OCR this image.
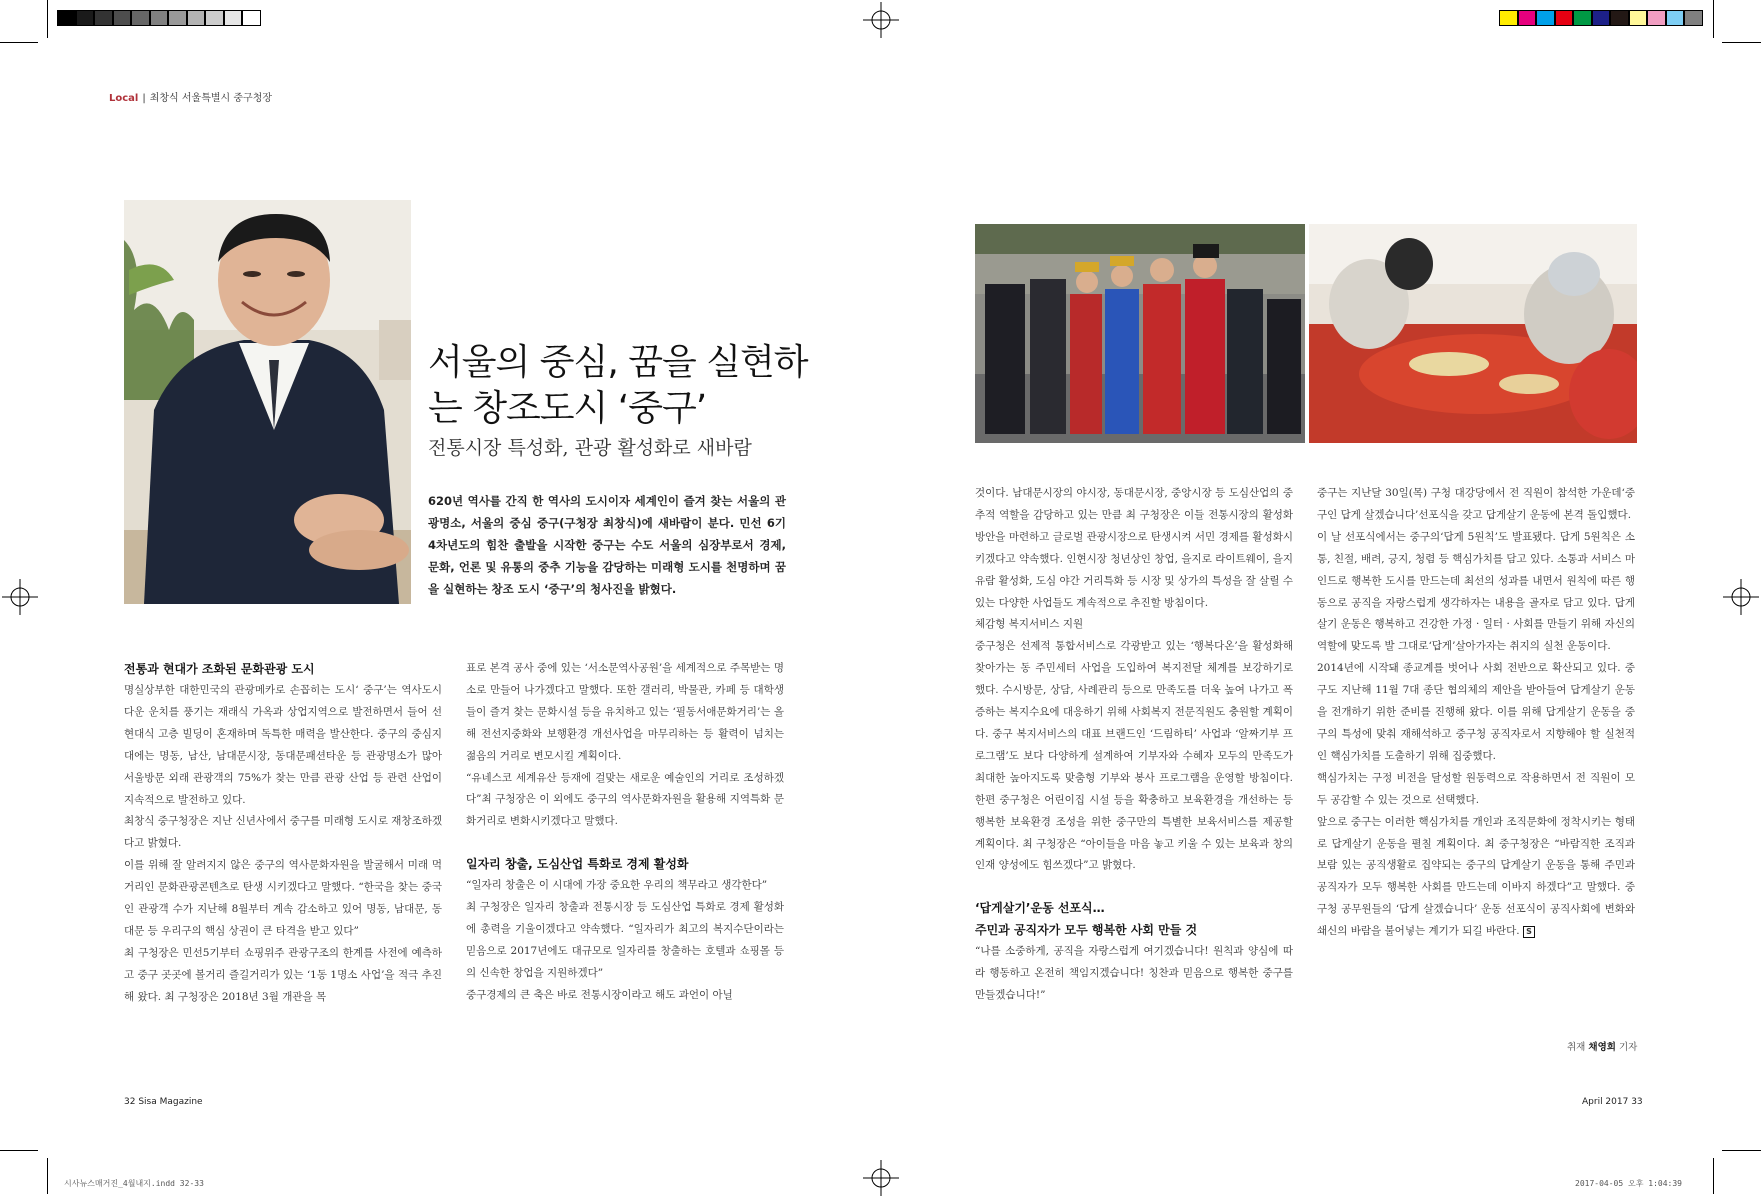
Local | 최창식 서울특별시 중구청장
서울의 중심, 꿈을 실현하는 창조도시 ‘중구’
전통시장 특성화, 관광 활성화로 새바람
620년 역사를 간직 한 역사의 도시이자 세계인이 즐겨 찾는 서울의 관광명소, 서울의 중심 중구(구청장 최창식)에 새바람이 분다. 민선 6기 4차년도의 힘찬 출발을 시작한 중구는 수도 서울의 심장부로서 경제, 문화, 언론 및 유통의 중추 기능을 감당하는 미래형 도시를 천명하며 꿈을 실현하는 창조 도시 ‘중구’의 청사진을 밝혔다.
전통과 현대가 조화된 문화관광 도시

명실상부한 대한민국의 관광메카로 손꼽히는 도시‘ 중구’는 역사도시다운 운치를 풍기는 재래식 가옥과 상업지역으로 발전하면서 들어 선 현대식 고층 빌딩이 혼재하며 독특한 매력을 발산한다. 중구의 중심지대에는 명동, 남산, 남대문시장, 동대문패션타운 등 관광명소가 많아 서울방문 외래 관광객의 75%가 찾는 만큼 관광 산업 등 관련 산업이 지속적으로 발전하고 있다.

최창식 중구청장은 지난 신년사에서 중구를 미래형 도시로 재창조하겠다고 밝혔다.

이를 위해 잘 알려지지 않은 중구의 역사문화자원을 발굴해서 미래 먹거리인 문화관광콘텐츠로 탄생 시키겠다고 말했다. “한국을 찾는 중국인 관광객 수가 지난해 8월부터 계속 감소하고 있어 명동, 남대문, 동대문 등 우리구의 핵심 상권이 큰 타격을 받고 있다”

최 구청장은 민선5기부터 쇼핑위주 관광구조의 한계를 사전에 예측하고 중구 곳곳에 볼거리 즐길거리가 있는 ‘1동 1명소 사업’을 적극 추진해 왔다. 최 구청장은 2018년 3월 개관을 목

표로 본격 공사 중에 있는 ‘서소문역사공원’을 세계적으로 주목받는 명소로 만들어 나가겠다고 말했다. 또한 갤러리, 박물관, 카페 등 대학생들이 즐겨 찾는 문화시설 등을 유치하고 있는 ‘필동서애문화거리’는 올해 전선지중화와 보행환경 개선사업을 마무리하는 등 활력이 넘치는 젊음의 거리로 변모시킬 계획이다.

“유네스코 세계유산 등재에 걸맞는 새로운 예술인의 거리로 조성하겠다”최 구청장은 이 외에도 중구의 역사문화자원을 활용해 지역특화 문화거리로 변화시키겠다고 말했다.

일자리 창출, 도심산업 특화로 경제 활성화

“일자리 창출은 이 시대에 가장 중요한 우리의 책무라고 생각한다”

최 구청장은 일자리 창출과 전통시장 등 도심산업 특화로 경제 활성화에 총력을 기울이겠다고 약속했다. “일자리가 최고의 복지수단이라는 믿음으로 2017년에도 대규모로 일자리를 창출하는 호텔과 쇼핑몰 등의 신속한 창업을 지원하겠다”

중구경제의 큰 축은 바로 전통시장이라고 해도 과언이 아닐

것이다. 남대문시장의 야시장, 동대문시장, 중앙시장 등 도심산업의 중추적 역할을 감당하고 있는 만큼 최 구청장은 이들 전통시장의 활성화 방안을 마련하고 글로벌 관광시장으로 탄생시켜 서민 경제를 활성화시키겠다고 약속했다. 인현시장 청년상인 창업, 을지로 라이트웨이, 을지유람 활성화, 도심 야간 거리특화 등 시장 및 상가의 특성을 잘 살릴 수 있는 다양한 사업들도 계속적으로 추진할 방침이다.

체감형 복지서비스 지원

중구청은 선제적 통합서비스로 각광받고 있는 ‘행복다온’을 활성화해 찾아가는 동 주민세터 사업을 도입하여 복지전달 체계를 보강하기로 했다. 수시방문, 상담, 사례관리 등으로 만족도를 더욱 높여 나가고 폭증하는 복지수요에 대응하기 위해 사회복지 전문직원도 충원할 계획이다. 중구 복지서비스의 대표 브랜드인 ‘드림하티’ 사업과 ‘알짜기부 프로그램’도 보다 다양하게 설계하여 기부자와 수혜자 모두의 만족도가 최대한 높아지도록 맞춤형 기부와 봉사 프로그램을 운영할 방침이다. 한편 중구청은 어린이집 시설 등을 확충하고 보육환경을 개선하는 등 행복한 보육환경 조성을 위한 중구만의 특별한 보육서비스를 제공할 계획이다. 최 구청장은 “아이들을 마음 놓고 키울 수 있는 보육과 창의인재 양성에도 힘쓰겠다”고 밝혔다.

‘답게살기’운동 선포식…
주민과 공직자가 모두 행복한 사회 만들 것

“나를 소중하게, 공직을 자랑스럽게 여기겠습니다! 원칙과 양심에 따라 행동하고 온전히 책임지겠습니다! 칭찬과 믿음으로 행복한 중구를 만들겠습니다!”

중구는 지난달 30일(목) 구청 대강당에서 전 직원이 참석한 가운데‘중구인 답게 살겠습니다’선포식을 갖고 답게살기 운동에 본격 돌입했다.

이 날 선포식에서는 중구의‘답게 5원칙’도 발표됐다. 답게 5원칙은 소통, 친절, 배려, 긍지, 청렴 등 핵심가치를 담고 있다. 소통과 서비스 마인드로 행복한 도시를 만드는데 최선의 성과를 내면서 원칙에 따른 행동으로 공직을 자랑스럽게 생각하자는 내용을 골자로 담고 있다. 답게살기 운동은 행복하고 건강한 가정 · 일터 · 사회를 만들기 위해 자신의 역할에 맞도록 발 그대로‘답게’살아가자는 취지의 실천 운동이다.

2014년에 시작돼 종교계를 벗어나 사회 전반으로 확산되고 있다. 중구도 지난해 11월 7대 종단 협의체의 제안을 받아들여 답게살기 운동을 전개하기 위한 준비를 진행해 왔다. 이를 위해 답게살기 운동을 중구의 특성에 맞춰 재해석하고 중구청 공직자로서 지향해야 할 실천적인 핵심가치를 도출하기 위해 집중했다.

핵심가치는 구정 비전을 달성할 원동력으로 작용하면서 전 직원이 모두 공감할 수 있는 것으로 선택했다.

앞으로 중구는 이러한 핵심가치를 개인과 조직문화에 정착시키는 형태로 답게살기 운동을 펼칠 계획이다. 최 중구청장은 “바람직한 조직과 보람 있는 공직생활로 집약되는 중구의 답게살기 운동을 통해 주민과 공직자가 모두 행복한 사회를 만드는데 이바지 하겠다”고 말했다. 중구청 공무원들의 ‘답게 살겠습니다’ 운동 선포식이 공직사회에 변화와 쇄신의 바람을 불어넣는 계기가 되길 바란다. S

취재 채영희 기자
32 Sisa Magazine	April 2017 33
시사뉴스매거진_4월내지.indd 32-33	2017-04-05 오후 1:04:39
